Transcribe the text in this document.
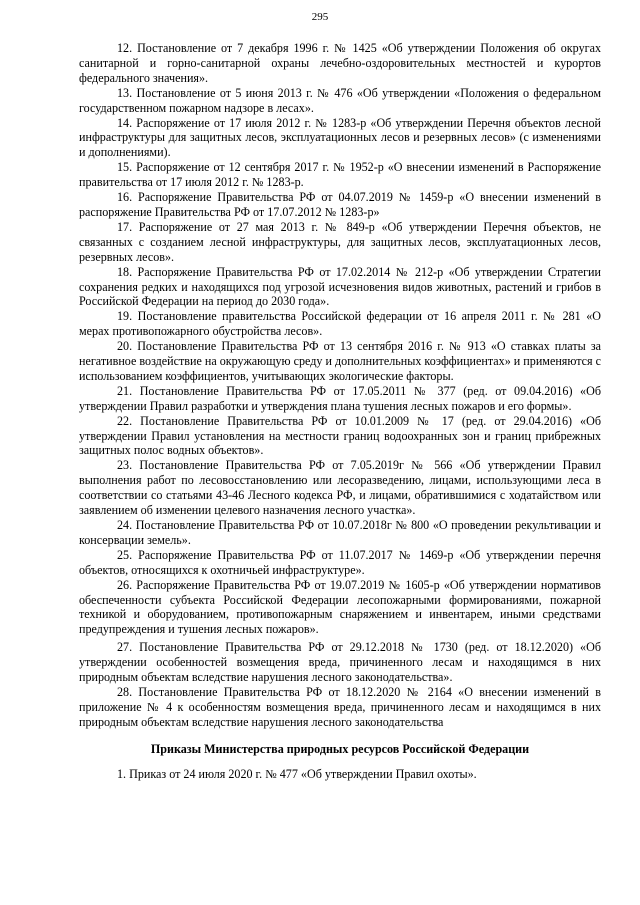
295

12. Постановление от 7 декабря 1996 г. № 1425 «Об утверждении Положения об округах санитарной и горно-санитарной охраны лечебно-оздоровительных местностей и курортов федерального значения».

13. Постановление от 5 июня 2013 г. № 476 «Об утверждении «Положения о федеральном государственном пожарном надзоре в лесах».

14. Распоряжение от 17 июля 2012 г. № 1283-р «Об утверждении Перечня объектов лесной инфраструктуры для защитных лесов, эксплуатационных лесов и резервных лесов» (с изменениями и дополнениями).

15. Распоряжение от 12 сентября 2017 г. № 1952-р «О внесении изменений в Распоряжение правительства от 17 июля 2012 г. № 1283-р.

16. Распоряжение Правительства РФ от 04.07.2019 № 1459-р «О внесении изменений в распоряжение Правительства РФ от 17.07.2012 № 1283-р»

17. Распоряжение от 27 мая 2013 г. № 849-р «Об утверждении Перечня объектов, не связанных с созданием лесной инфраструктуры, для защитных лесов, эксплуатационных лесов, резервных лесов».

18. Распоряжение Правительства РФ от 17.02.2014 № 212-р «Об утверждении Стратегии сохранения редких и находящихся под угрозой исчезновения видов животных, растений и грибов в Российской Федерации на период до 2030 года».

19. Постановление правительства Российской федерации от 16 апреля 2011 г. № 281 «О мерах противопожарного обустройства лесов».

20. Постановление Правительства РФ от 13 сентября 2016 г. № 913 «О ставках платы за негативное воздействие на окружающую среду и дополнительных коэффициентах» и применяются с использованием коэффициентов, учитывающих экологические факторы.

21. Постановление Правительства РФ от 17.05.2011 № 377 (ред. от 09.04.2016) «Об утверждении Правил разработки и утверждения плана тушения лесных пожаров и его формы».

22. Постановление Правительства РФ от 10.01.2009 № 17 (ред. от 29.04.2016) «Об утверждении Правил установления на местности границ водоохранных зон и границ прибрежных защитных полос водных объектов».

23. Постановление Правительства РФ от 7.05.2019г № 566 «Об утверждении Правил выполнения работ по лесовосстановлению или лесоразведению, лицами, использующими леса в соответствии со статьями 43-46 Лесного кодекса РФ, и лицами, обратившимися с ходатайством или заявлением об изменении целевого назначения лесного участка».

24. Постановление Правительства РФ от 10.07.2018г № 800 «О проведении рекультивации и консервации земель».

25. Распоряжение Правительства РФ от 11.07.2017 № 1469-р «Об утверждении перечня объектов, относящихся к охотничьей инфраструктуре».

26. Распоряжение Правительства РФ от 19.07.2019 № 1605-р «Об утверждении нормативов обеспеченности субъекта Российской Федерации лесопожарными формированиями, пожарной техникой и оборудованием, противопожарным снаряжением и инвентарем, иными средствами предупреждения и тушения лесных пожаров».

27. Постановление Правительства РФ от 29.12.2018 № 1730 (ред. от 18.12.2020) «Об утверждении особенностей возмещения вреда, причиненного лесам и находящимся в них природным объектам вследствие нарушения лесного законодательства».

28. Постановление Правительства РФ от 18.12.2020 № 2164 «О внесении изменений в приложение № 4 к особенностям возмещения вреда, причиненного лесам и находящимся в них природным объектам вследствие нарушения лесного законодательства

Приказы Министерства природных ресурсов Российской Федерации

1. Приказ от 24 июля 2020 г. № 477 «Об утверждении Правил охоты».
